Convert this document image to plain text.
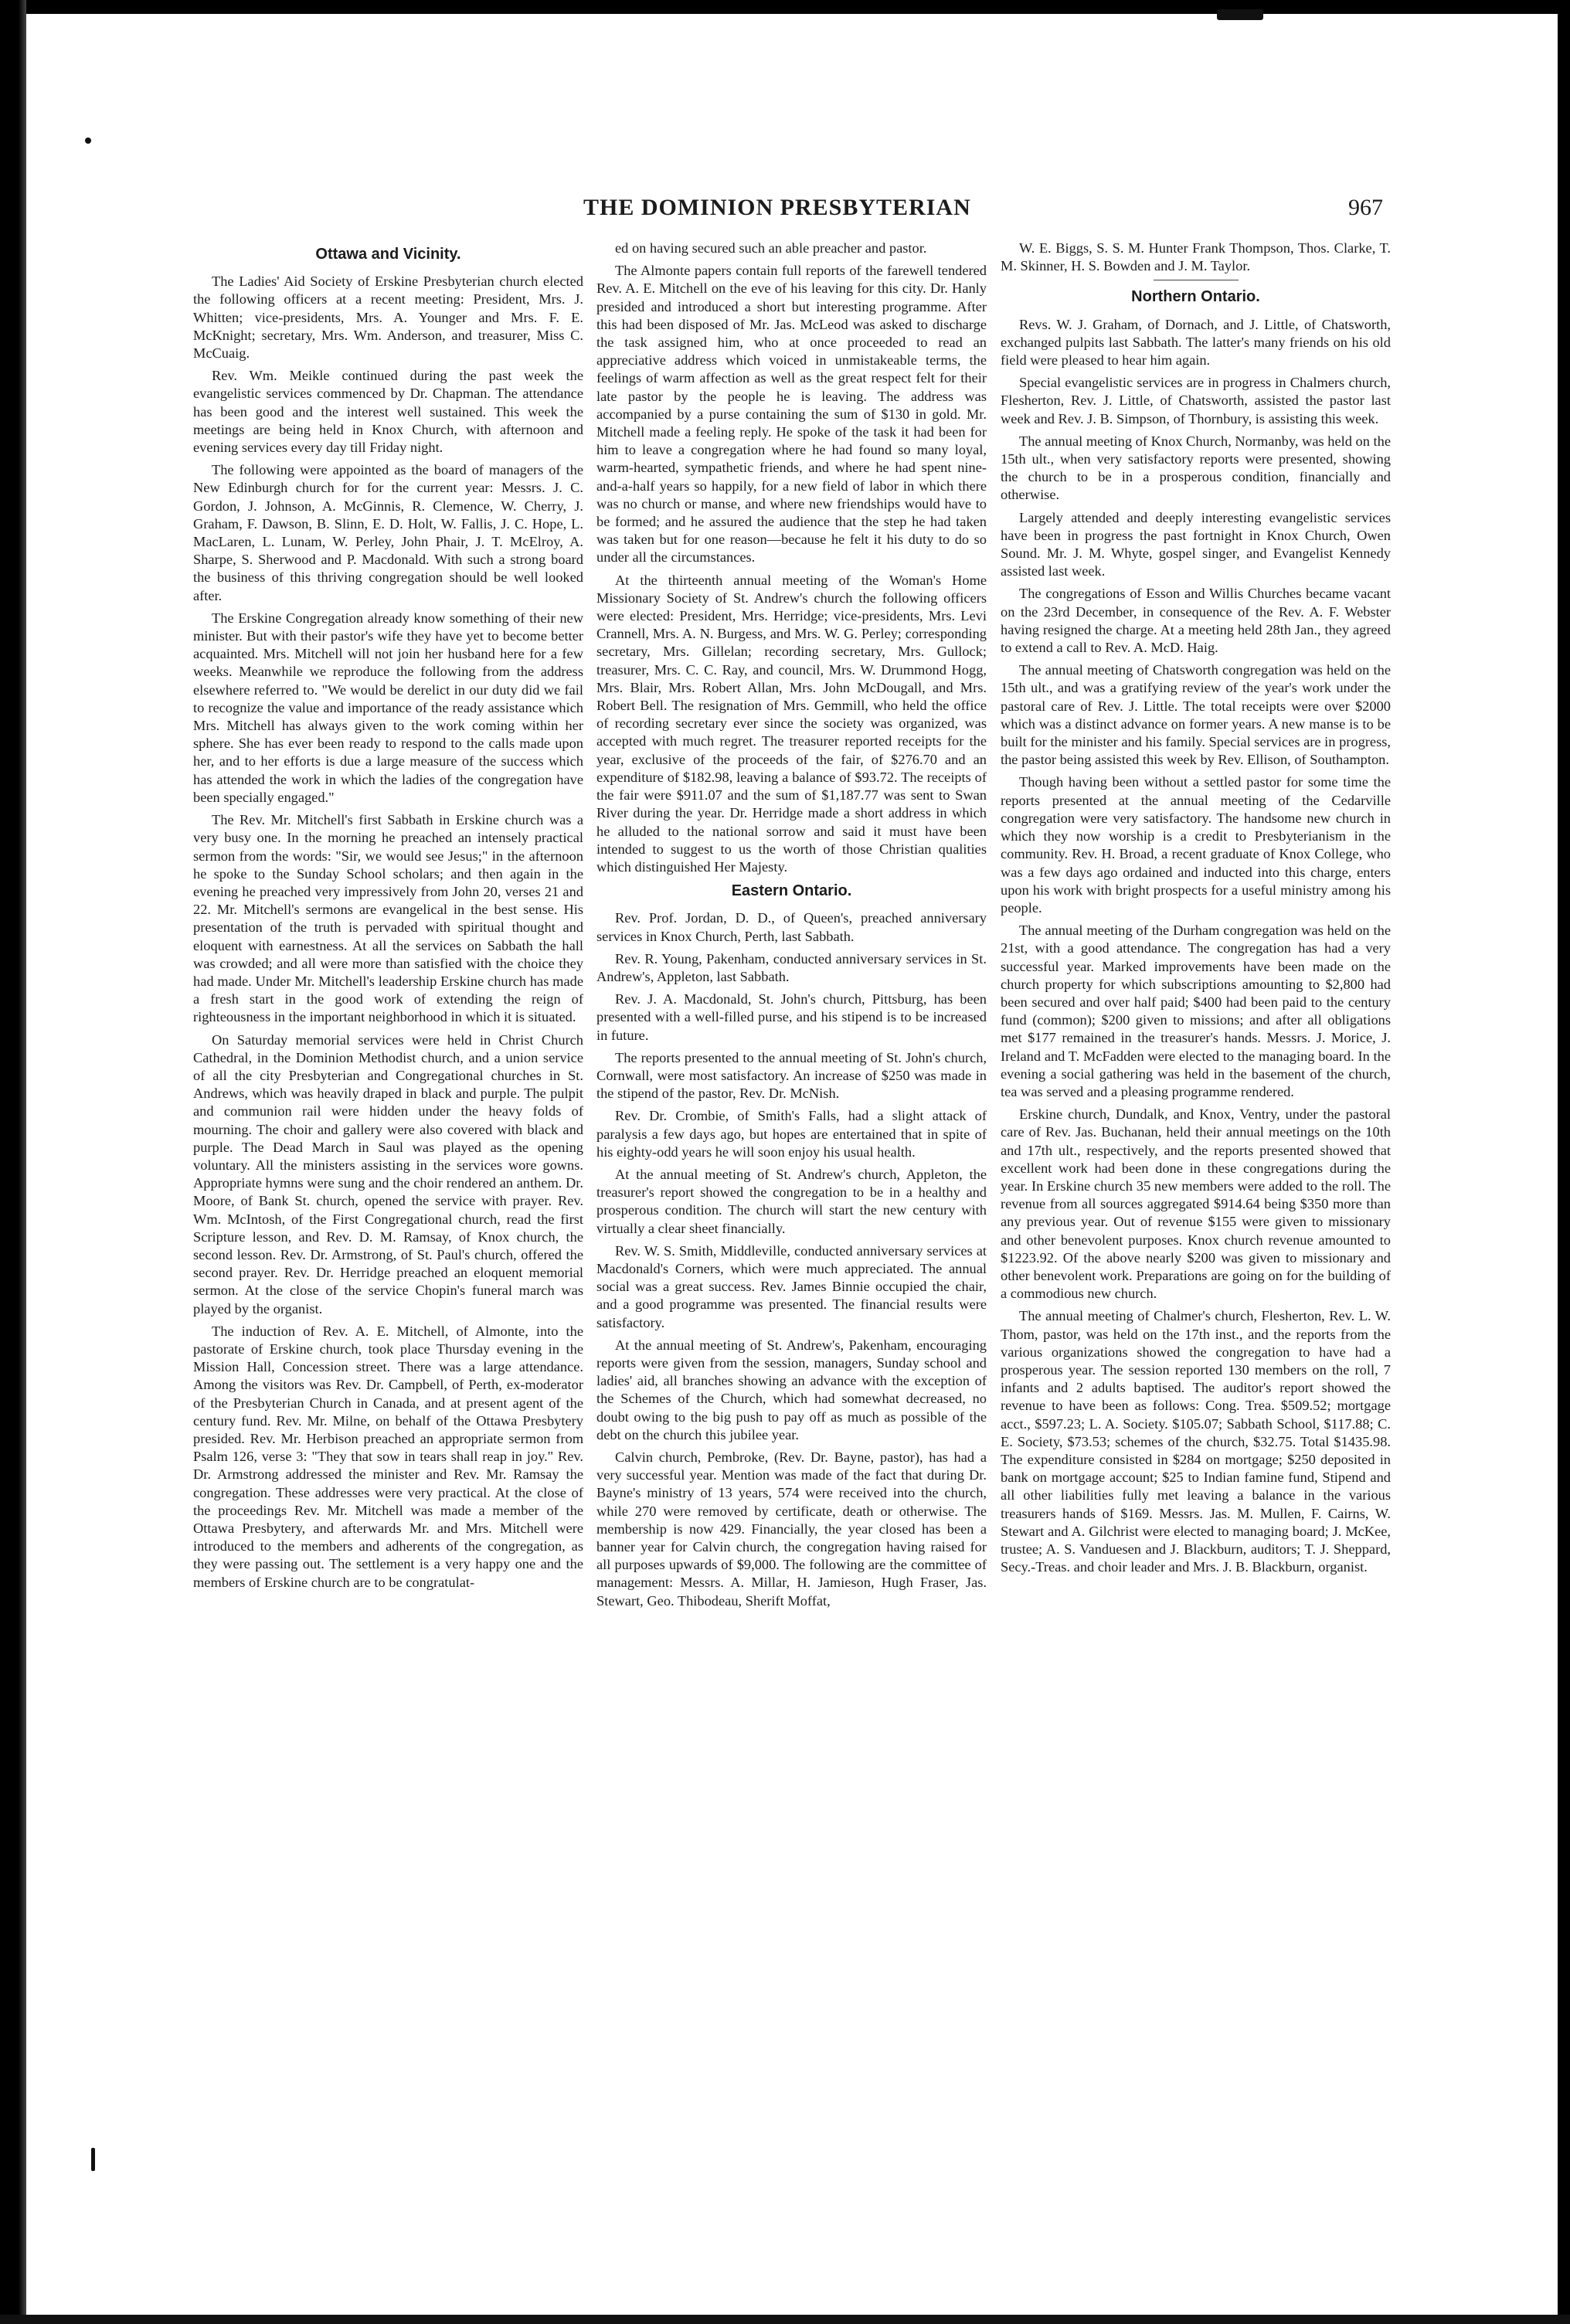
THE DOMINION PRESBYTERIAN	967
Ottawa and Vicinity.

The Ladies' Aid Society of Erskine Presbyterian church elected the following officers at a recent meeting: President, Mrs. J. Whitten; vice-presidents, Mrs. A. Younger and Mrs. F. E. McKnight; secretary, Mrs. Wm. Anderson, and treasurer, Miss C. McCuaig.

Rev. Wm. Meikle continued during the past week the evangelistic services commenced by Dr. Chapman. The attendance has been good and the interest well sustained. This week the meetings are being held in Knox Church, with afternoon and evening services every day till Friday night.

The following were appointed as the board of managers of the New Edinburgh church for for the current year: Messrs. J. C. Gordon, J. Johnson, A. McGinnis, R. Clemence, W. Cherry, J. Graham, F. Dawson, B. Slinn, E. D. Holt, W. Fallis, J. C. Hope, L. MacLaren, L. Lunam, W. Perley, John Phair, J. T. McElroy, A. Sharpe, S. Sherwood and P. Macdonald. With such a strong board the business of this thriving congregation should be well looked after.

The Erskine Congregation already know something of their new minister. But with their pastor's wife they have yet to become better acquainted. Mrs. Mitchell will not join her husband here for a few weeks. Meanwhile we reproduce the following from the address elsewhere referred to. "We would be derelict in our duty did we fail to recognize the value and importance of the ready assistance which Mrs. Mitchell has always given to the work coming within her sphere. She has ever been ready to respond to the calls made upon her, and to her efforts is due a large measure of the success which has attended the work in which the ladies of the congregation have been specially engaged."

The Rev. Mr. Mitchell's first Sabbath in Erskine church was a very busy one. In the morning he preached an intensely practical sermon from the words: "Sir, we would see Jesus;" in the afternoon he spoke to the Sunday School scholars; and then again in the evening he preached very impressively from John 20, verses 21 and 22. Mr. Mitchell's sermons are evangelical in the best sense. His presentation of the truth is pervaded with spiritual thought and eloquent with earnestness. At all the services on Sabbath the hall was crowded; and all were more than satisfied with the choice they had made. Under Mr. Mitchell's leadership Erskine church has made a fresh start in the good work of extending the reign of righteousness in the important neighborhood in which it is situated.

On Saturday memorial services were held in Christ Church Cathedral, in the Dominion Methodist church, and a union service of all the city Presbyterian and Congregational churches in St. Andrews, which was heavily draped in black and purple. The pulpit and communion rail were hidden under the heavy folds of mourning. The choir and gallery were also covered with black and purple. The Dead March in Saul was played as the opening voluntary. All the ministers assisting in the services wore gowns. Appropriate hymns were sung and the choir rendered an anthem. Dr. Moore, of Bank St. church, opened the service with prayer. Rev. Wm. McIntosh, of the First Congregational church, read the first Scripture lesson, and Rev. D. M. Ramsay, of Knox church, the second lesson. Rev. Dr. Armstrong, of St. Paul's church, offered the second prayer. Rev. Dr. Herridge preached an eloquent memorial sermon. At the close of the service Chopin's funeral march was played by the organist.

The induction of Rev. A. E. Mitchell, of Almonte, into the pastorate of Erskine church, took place Thursday evening in the Mission Hall, Concession street. There was a large attendance. Among the visitors was Rev. Dr. Campbell, of Perth, ex-moderator of the Presbyterian Church in Canada, and at present agent of the century fund. Rev. Mr. Milne, on behalf of the Ottawa Presbytery presided. Rev. Mr. Herbison preached an appropriate sermon from Psalm 126, verse 3: "They that sow in tears shall reap in joy." Rev. Dr. Armstrong addressed the minister and Rev. Mr. Ramsay the congregation. These addresses were very practical. At the close of the proceedings Rev. Mr. Mitchell was made a member of the Ottawa Presbytery, and afterwards Mr. and Mrs. Mitchell were introduced to the members and adherents of the congregation, as they were passing out. The settlement is a very happy one and the members of Erskine church are to be congratulat-

ed on having secured such an able preacher and pastor.

The Almonte papers contain full reports of the farewell tendered Rev. A. E. Mitchell on the eve of his leaving for this city. Dr. Hanly presided and introduced a short but interesting programme. After this had been disposed of Mr. Jas. McLeod was asked to discharge the task assigned him, who at once proceeded to read an appreciative address which voiced in unmistakeable terms, the feelings of warm affection as well as the great respect felt for their late pastor by the people he is leaving. The address was accompanied by a purse containing the sum of $130 in gold. Mr. Mitchell made a feeling reply. He spoke of the task it had been for him to leave a congregation where he had found so many loyal, warm-hearted, sympathetic friends, and where he had spent nine-and-a-half years so happily, for a new field of labor in which there was no church or manse, and where new friendships would have to be formed; and he assured the audience that the step he had taken was taken but for one reason—because he felt it his duty to do so under all the circumstances.

At the thirteenth annual meeting of the Woman's Home Missionary Society of St. Andrew's church the following officers were elected: President, Mrs. Herridge; vice-presidents, Mrs. Levi Crannell, Mrs. A. N. Burgess, and Mrs. W. G. Perley; corresponding secretary, Mrs. Gillelan; recording secretary, Mrs. Gullock; treasurer, Mrs. C. C. Ray, and council, Mrs. W. Drummond Hogg, Mrs. Blair, Mrs. Robert Allan, Mrs. John McDougall, and Mrs. Robert Bell. The resignation of Mrs. Gemmill, who held the office of recording secretary ever since the society was organized, was accepted with much regret. The treasurer reported receipts for the year, exclusive of the proceeds of the fair, of $276.70 and an expenditure of $182.98, leaving a balance of $93.72. The receipts of the fair were $911.07 and the sum of $1,187.77 was sent to Swan River during the year. Dr. Herridge made a short address in which he alluded to the national sorrow and said it must have been intended to suggest to us the worth of those Christian qualities which distinguished Her Majesty.

Eastern Ontario.

Rev. Prof. Jordan, D. D., of Queen's, preached anniversary services in Knox Church, Perth, last Sabbath.

Rev. R. Young, Pakenham, conducted anniversary services in St. Andrew's, Appleton, last Sabbath.

Rev. J. A. Macdonald, St. John's church, Pittsburg, has been presented with a well-filled purse, and his stipend is to be increased in future.

The reports presented to the annual meeting of St. John's church, Cornwall, were most satisfactory. An increase of $250 was made in the stipend of the pastor, Rev. Dr. McNish.

Rev. Dr. Crombie, of Smith's Falls, had a slight attack of paralysis a few days ago, but hopes are entertained that in spite of his eighty-odd years he will soon enjoy his usual health.

At the annual meeting of St. Andrew's church, Appleton, the treasurer's report showed the congregation to be in a healthy and prosperous condition. The church will start the new century with virtually a clear sheet financially.

Rev. W. S. Smith, Middleville, conducted anniversary services at Macdonald's Corners, which were much appreciated. The annual social was a great success. Rev. James Binnie occupied the chair, and a good programme was presented. The financial results were satisfactory.

At the annual meeting of St. Andrew's, Pakenham, encouraging reports were given from the session, managers, Sunday school and ladies' aid, all branches showing an advance with the exception of the Schemes of the Church, which had somewhat decreased, no doubt owing to the big push to pay off as much as possible of the debt on the church this jubilee year.

Calvin church, Pembroke, (Rev. Dr. Bayne, pastor), has had a very successful year. Mention was made of the fact that during Dr. Bayne's ministry of 13 years, 574 were received into the church, while 270 were removed by certificate, death or otherwise. The membership is now 429. Financially, the year closed has been a banner year for Calvin church, the congregation having raised for all purposes upwards of $9,000. The following are the committee of management: Messrs. A. Millar, H. Jamieson, Hugh Fraser, Jas. Stewart, Geo. Thibodeau, Sherift Moffat,

W. E. Biggs, S. S. M. Hunter Frank Thompson, Thos. Clarke, T. M. Skinner, H. S. Bowden and J. M. Taylor.

Northern Ontario.

Revs. W. J. Graham, of Dornach, and J. Little, of Chatsworth, exchanged pulpits last Sabbath. The latter's many friends on his old field were pleased to hear him again.

Special evangelistic services are in progress in Chalmers church, Flesherton, Rev. J. Little, of Chatsworth, assisted the pastor last week and Rev. J. B. Simpson, of Thornbury, is assisting this week.

The annual meeting of Knox Church, Normanby, was held on the 15th ult., when very satisfactory reports were presented, showing the church to be in a prosperous condition, financially and otherwise.

Largely attended and deeply interesting evangelistic services have been in progress the past fortnight in Knox Church, Owen Sound. Mr. J. M. Whyte, gospel singer, and Evangelist Kennedy assisted last week.

The congregations of Esson and Willis Churches became vacant on the 23rd December, in consequence of the Rev. A. F. Webster having resigned the charge. At a meeting held 28th Jan., they agreed to extend a call to Rev. A. McD. Haig.

The annual meeting of Chatsworth congregation was held on the 15th ult., and was a gratifying review of the year's work under the pastoral care of Rev. J. Little. The total receipts were over $2000 which was a distinct advance on former years. A new manse is to be built for the minister and his family. Special services are in progress, the pastor being assisted this week by Rev. Ellison, of Southampton.

Though having been without a settled pastor for some time the reports presented at the annual meeting of the Cedarville congregation were very satisfactory. The handsome new church in which they now worship is a credit to Presbyterianism in the community. Rev. H. Broad, a recent graduate of Knox College, who was a few days ago ordained and inducted into this charge, enters upon his work with bright prospects for a useful ministry among his people.

The annual meeting of the Durham congregation was held on the 21st, with a good attendance. The congregation has had a very successful year. Marked improvements have been made on the church property for which subscriptions amounting to $2,800 had been secured and over half paid; $400 had been paid to the century fund (common); $200 given to missions; and after all obligations met $177 remained in the treasurer's hands. Messrs. J. Morice, J. Ireland and T. McFadden were elected to the managing board. In the evening a social gathering was held in the basement of the church, tea was served and a pleasing programme rendered.

Erskine church, Dundalk, and Knox, Ventry, under the pastoral care of Rev. Jas. Buchanan, held their annual meetings on the 10th and 17th ult., respectively, and the reports presented showed that excellent work had been done in these congregations during the year. In Erskine church 35 new members were added to the roll. The revenue from all sources aggregated $914.64 being $350 more than any previous year. Out of revenue $155 were given to missionary and other benevolent purposes. Knox church revenue amounted to $1223.92. Of the above nearly $200 was given to missionary and other benevolent work. Preparations are going on for the building of a commodious new church.

The annual meeting of Chalmer's church, Flesherton, Rev. L. W. Thom, pastor, was held on the 17th inst., and the reports from the various organizations showed the congregation to have had a prosperous year. The session reported 130 members on the roll, 7 infants and 2 adults baptised. The auditor's report showed the revenue to have been as follows: Cong. Trea. $509.52; mortgage acct., $597.23; L. A. Society. $105.07; Sabbath School, $117.88; C. E. Society, $73.53; schemes of the church, $32.75. Total $1435.98. The expenditure consisted in $284 on mortgage; $250 deposited in bank on mortgage account; $25 to Indian famine fund, Stipend and all other liabilities fully met leaving a balance in the various treasurers hands of $169. Messrs. Jas. M. Mullen, F. Cairns, W. Stewart and A. Gilchrist were elected to managing board; J. McKee, trustee; A. S. Vanduesen and J. Blackburn, auditors; T. J. Sheppard, Secy.-Treas. and choir leader and Mrs. J. B. Blackburn, organist.
